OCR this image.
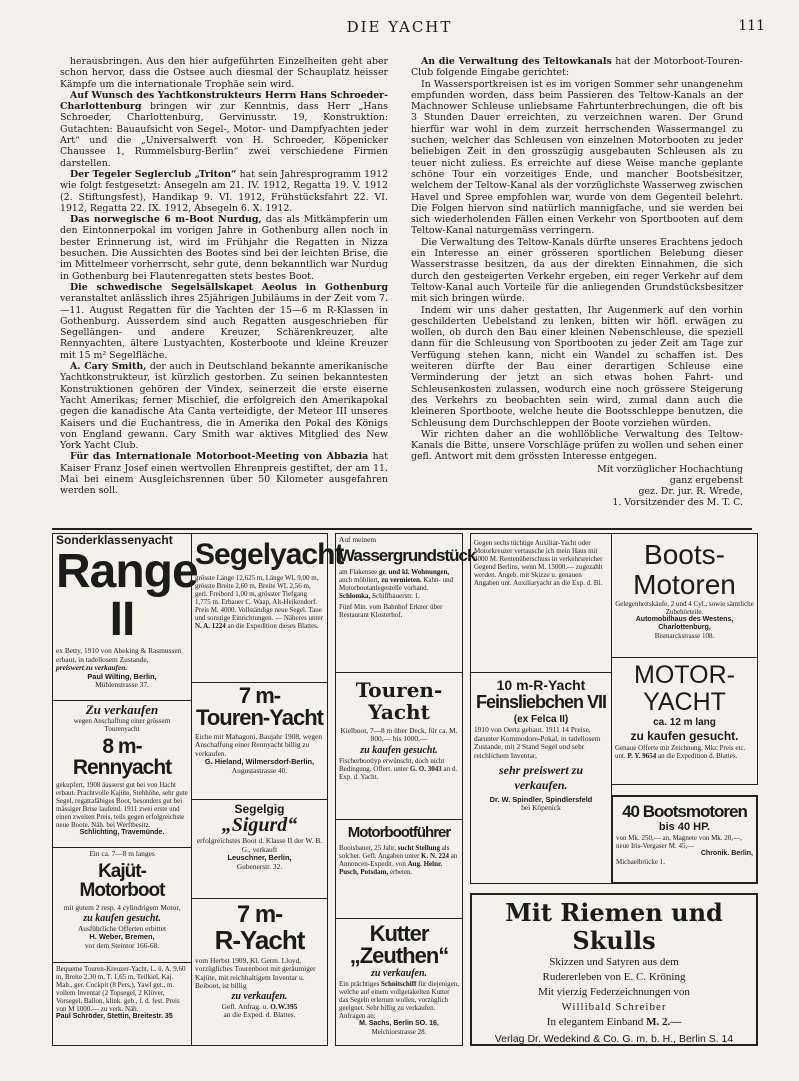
DIE YACHT	111

herausbringen. Aus den hier aufgeführten Einzelheiten geht aber schon hervor, dass die Ostsee auch diesmal der Schauplatz heisser Kämpfe um die internationale Trophäe sein wird.

Auf Wunsch des Yachtkonstrukteurs Herrn Hans Schroeder-Charlottenburg bringen wir zur Kenntnis, dass Herr „Hans Schroeder, Charlottenburg, Gervinusstr. 19, Konstruktion: Gutachten: Bauaufsicht von Segel-, Motor- und Dampfyachten jeder Art“ und die „Universalwerft von H. Schroeder, Köpenicker Chaussee 1, Rummelsburg-Berlin“ zwei verschiedene Firmen darstellen.

Der Tegeler Seglerclub „Triton“ hat sein Jahresprogramm 1912 wie folgt festgesetzt: Ansegeln am 21. IV. 1912, Regatta 19. V. 1912 (2. Stiftungsfest), Handikap 9. VI. 1912, Frühstücksfahrt 22. VI. 1912, Regatta 22. IX. 1912, Absegeln 6. X. 1912.

Das norwegische 6 m-Boot Nurdug, das als Mitkämpferin um den Eintonnerpokal im vorigen Jahre in Gothenburg allen noch in bester Erinnerung ist, wird im Frühjahr die Regatten in Nizza besuchen. Die Aussichten des Bootes sind bei der leichten Brise, die im Mittelmeer vorherrscht, sehr gute, denn bekanntlich war Nurdug in Gothenburg bei Flautenregatten stets bestes Boot.

Die schwedische Segelsällskapet Aeolus in Gothenburg veranstaltet anlässlich ihres 25jährigen Jubiläums in der Zeit vom 7.—11. August Regatten für die Yachten der 15—6 m R-Klassen in Gothenburg. Ausserdem sind auch Regatten ausgeschrieben für Segellängen- und andere Kreuzer, Schärenkreuzer, alte Rennyachten, ältere Lustyachten, Kosterboote und kleine Kreuzer mit 15 m² Segelfläche.

A. Cary Smith, der auch in Deutschland bekannte amerikanische Yachtkonstrukteur, ist kürzlich gestorben. Zu seinen bekanntesten Konstruktionen gehören der Vindex, seinerzeit die erste eiserne Yacht Amerikas; ferner Mischief, die erfolgreich den Amerikapokal gegen die kanadische Ata Canta verteidigte, der Meteor III unseres Kaisers und die Euchantress, die in Amerika den Pokal des Königs von England gewann. Cary Smith war aktives Mitglied des New York Yacht Club.

Für das Internationale Motorboot-Meeting von Abbazia hat Kaiser Franz Josef einen wertvollen Ehrenpreis gestiftet, der am 11. Mai bei einem Ausgleichsrennen über 50 Kilometer ausgefahren werden soll.

An die Verwaltung des Teltowkanals hat der Motorboot-Touren-Club folgende Eingabe gerichtet:

In Wassersportkreisen ist es im vorigen Sommer sehr unangenehm empfunden worden, dass beim Passieren des Teltow-Kanals an der Machnower Schleuse unliebsame Fahrtunterbrechungen, die oft bis 3 Stunden Dauer erreichten, zu verzeichnen waren. Der Grund hierfür war wohl in dem zurzeit herrschenden Wassermangel zu suchen, welcher das Schleusen von einzelnen Motorbooten zu jeder beliebigen Zeit in den grosszügig ausgebauten Schleusen als zu teuer nicht zuliess. Es erreichte auf diese Weise manche geplante schöne Tour ein vorzeitiges Ende, und mancher Bootsbesitzer, welchem der Teltow-Kanal als der vorzüglichste Wasserweg zwischen Havel und Spree empfohlen war, wurde von dem Gegenteil belehrt. Die Folgen hiervon sind natürlich mannigfache, und sie werden bei sich wiederholenden Fällen einen Verkehr von Sportbooten auf dem Teltow-Kanal naturgemäss verringern.

Die Verwaltung des Teltow-Kanals dürfte unseres Erachtens jedoch ein Interesse an einer grösseren sportlichen Belebung dieser Wasserstrasse besitzen, da aus der direkten Einnahmen, die sich durch den gesteigerten Verkehr ergeben, ein reger Verkehr auf dem Teltow-Kanal auch Vorteile für die anliegenden Grundstücksbesitzer mit sich bringen würde.

Indem wir uns daher gestatten, Ihr Augenmerk auf den vorhin geschilderten Uebelstand zu lenken, bitten wir höfl. erwägen zu wollen, ob durch den Bau einer kleinen Nebenschleuse, die speziell dann für die Schleusung von Sportbooten zu jeder Zeit am Tage zur Verfügung stehen kann, nicht ein Wandel zu schaffen ist. Des weiteren dürfte der Bau einer derartigen Schleuse eine Verminderung der jetzt an sich etwas hohen Fahrt- und Schleusenkosten zulassen, wodurch eine noch grössere Steigerung des Verkehrs zu beobachten sein wird, zumal dann auch die kleineren Sportboote, welche heute die Bootsschleppe benutzen, die Schleusung dem Durchschleppen der Boote vorziehen würden.

Wir richten daher an die wohllöbliche Verwaltung des Teltow-Kanals die Bitte, unsere Vorschläge prüfen zu wollen und sehen einer gefl. Antwort mit dem grössten Interesse entgegen.

Mit vorzüglicher Hochachtung
ganz ergebenst
gez. Dr. jur. R. Wrede,
1. Vorsitzender des M. T. C.
Sonderklassenyacht
Range II
ex Betty, 1910 von Abeking & Rasmussen erbaut, in tadellosem Zustande,
preiswert zu verkaufen.
Paul Wilting, Berlin,
Mühlenstrasse 37.
Zu verkaufen
wegen Anschaffung einer grössern Tourenyacht
8 m-Rennyacht
gekupfert, 1908 äusserst gut bei von Hacht erbaut. Prachtvolle Kajüte, Stehhöhe, sehr gute Segel, regattafähiges Boot, besonders gut bei mässiger Brise laufend. 1911 zwei erste und einen zweiten Preis, teils gegen erfolgreichste neue Boote. Näh. bei Werftbesitz.
Schlichting, Travemünde.
Ein ca. 7—8 m langes
Kajüt-Motorboot
mit gutem 2 resp. 4 cylindrigem Motor,
zu kaufen gesucht.
Ausführliche Offerten erbittet
H. Weber, Bremen,
vor dem Steintor 166-68.
Bequeme Touren-Kreuzer-Yacht, L. ü. A. 9,60 m, Breite 2,30 m, T. 1,65 m, Teilkiel, Kaj. Mah., ger. Cockpit (8 Pers.), Yawl get., m. vollem Inventar (2 Topsegel, 2 Klüver, Vorsegel, Ballon, klink. geb., f. d. fest. Preis von M 1000.— zu verk. Näh.
Paul Schröder, Stettin, Breitestr. 35
Segelyacht
grösste Länge 12,625 m, Länge WL 9,00 m, grösste Breite 2,60 m, Breite WL 2,56 m, gerl. Freibord 1,00 m, grösster Tiefgang 1,775 m. Erbauer C. Waap, Alt-Heikendorf. Preis M. 4000. Vollständige neue Segel. Taue und sonstige Einrichtungen. — Näheres unter N. A. 1224 an die Expedition dieses Blattes.
7 m-
Touren-Yacht
Eiche mit Mahagoni, Baujahr 1908, wegen Anschaffung einer Rennyacht billig zu verkaufen.
G. Hieland, Wilmersdorf-Berlin,
Augustastrasse 40.
Segelgig
„Sigurd“
erfolgreichstes Boot d. Klasse II der W. B. G., verkauft
Leuschner, Berlin,
Gubenerstr. 32.
7 m-
R-Yacht
vom Herbst 1909, Kl. Germ. Lloyd, vorzügliches Tourenboot mit geräumiger Kajüte, mit reichhaltigem Inventar u. Beiboot, ist billig
zu verkaufen.
Gefl. Anfrag. u. O.W.395
an die Exped. d. Blattes.
Auf meinem
Wassergrundstück
am Flakensee gr. und kl. Wohnungen, auch möbliert, zu vermieten. Kahn- und Motorbootanlegestelle vorhand.
Schlomka, Schiffbauerstr. 1.
Fünf Min. vom Bahnhof Erkner über Restaurant Klosterhof.
Touren-
Yacht
Kielboot, 7—8 m über Deck, für ca. M. 800,— bis 1000,—
zu kaufen gesucht.
Fischerbootlyp erwünscht, doch nicht Bedingung. Offert. unter G. O. 3043 an d. Exp. d. Yacht.
Motorbootführer
Bootsbauer, 25 Jahr, sucht Stellung als solcher. Gefl. Angaben unter K. N. 224 an Annoncen-Expedit. von Aug. Helnr. Pusch, Potsdam, erbeten.
Kutter
„Zeuthen“
zu verkaufen.
Ein prächtiges Schnitschiff für diejenigen, welche auf einem vollgetakelten Kutter das Segeln erlernen wollen, vorzüglich geeignet. Sehr billig zu verkaufen. Anfragen an:
M. Sachs, Berlin SO. 16,
Melchiorstrasse 28.
Gegen sechs tüchtige Auxiliar-Yacht oder Motorkreuzer vertausche ich mein Haus mit 4000 M. Rentenüberschuss in verkehrsreicher Gegend Berlins, wenn M. 15000,— zugezahlt werden. Angeb. mit Skizze u. genauen Angaben unt. Auxiliaryacht an die Exp. d. Bl.
10 m-R-Yacht
Feinsliebchen VII
(ex Felca II)
1910 von Oertz gebaut. 1911 14 Preise, darunter Kommodore-Pokal, in tadellosem Zustande, mit 2 Stand Segel und sehr reichlichem Inventar,
sehr preiswert zu verkaufen.
Dr. W. Spindler, Spindlersfeld
bei Köpenick
Boots-
Motoren
Gelegenheitskäufe, 2 und 4 Cyl., sowie sämtliche Zubehörteile.
Automobilhaus des Westens, Charlottenburg,
Bismarckstrasse 108.
MOTOR-
YACHT
ca. 12 m lang
zu kaufen gesucht.
Genaue Offerte mit Zeichnung, Mkr. Preis etc. unt. P. Y. 9654 an die Expedition d. Blattes.
40 Bootsmotoren
bis 40 HP.
von Mk. 250,— an, Magnete von Mk. 20,—, neue Iris-Vergaser M. 45,—
Chronik. Berlin,
Michaelbrücke 1.
Mit Riemen und Skulls
Skizzen und Satyren aus dem
Rudererleben von E. C. Kröning
Mit vierzig Federzeichnungen von
Willibald Schreiber
In elegantem Einband M. 2.—
Verlag Dr. Wedekind & Co. G. m. b. H., Berlin S. 14
